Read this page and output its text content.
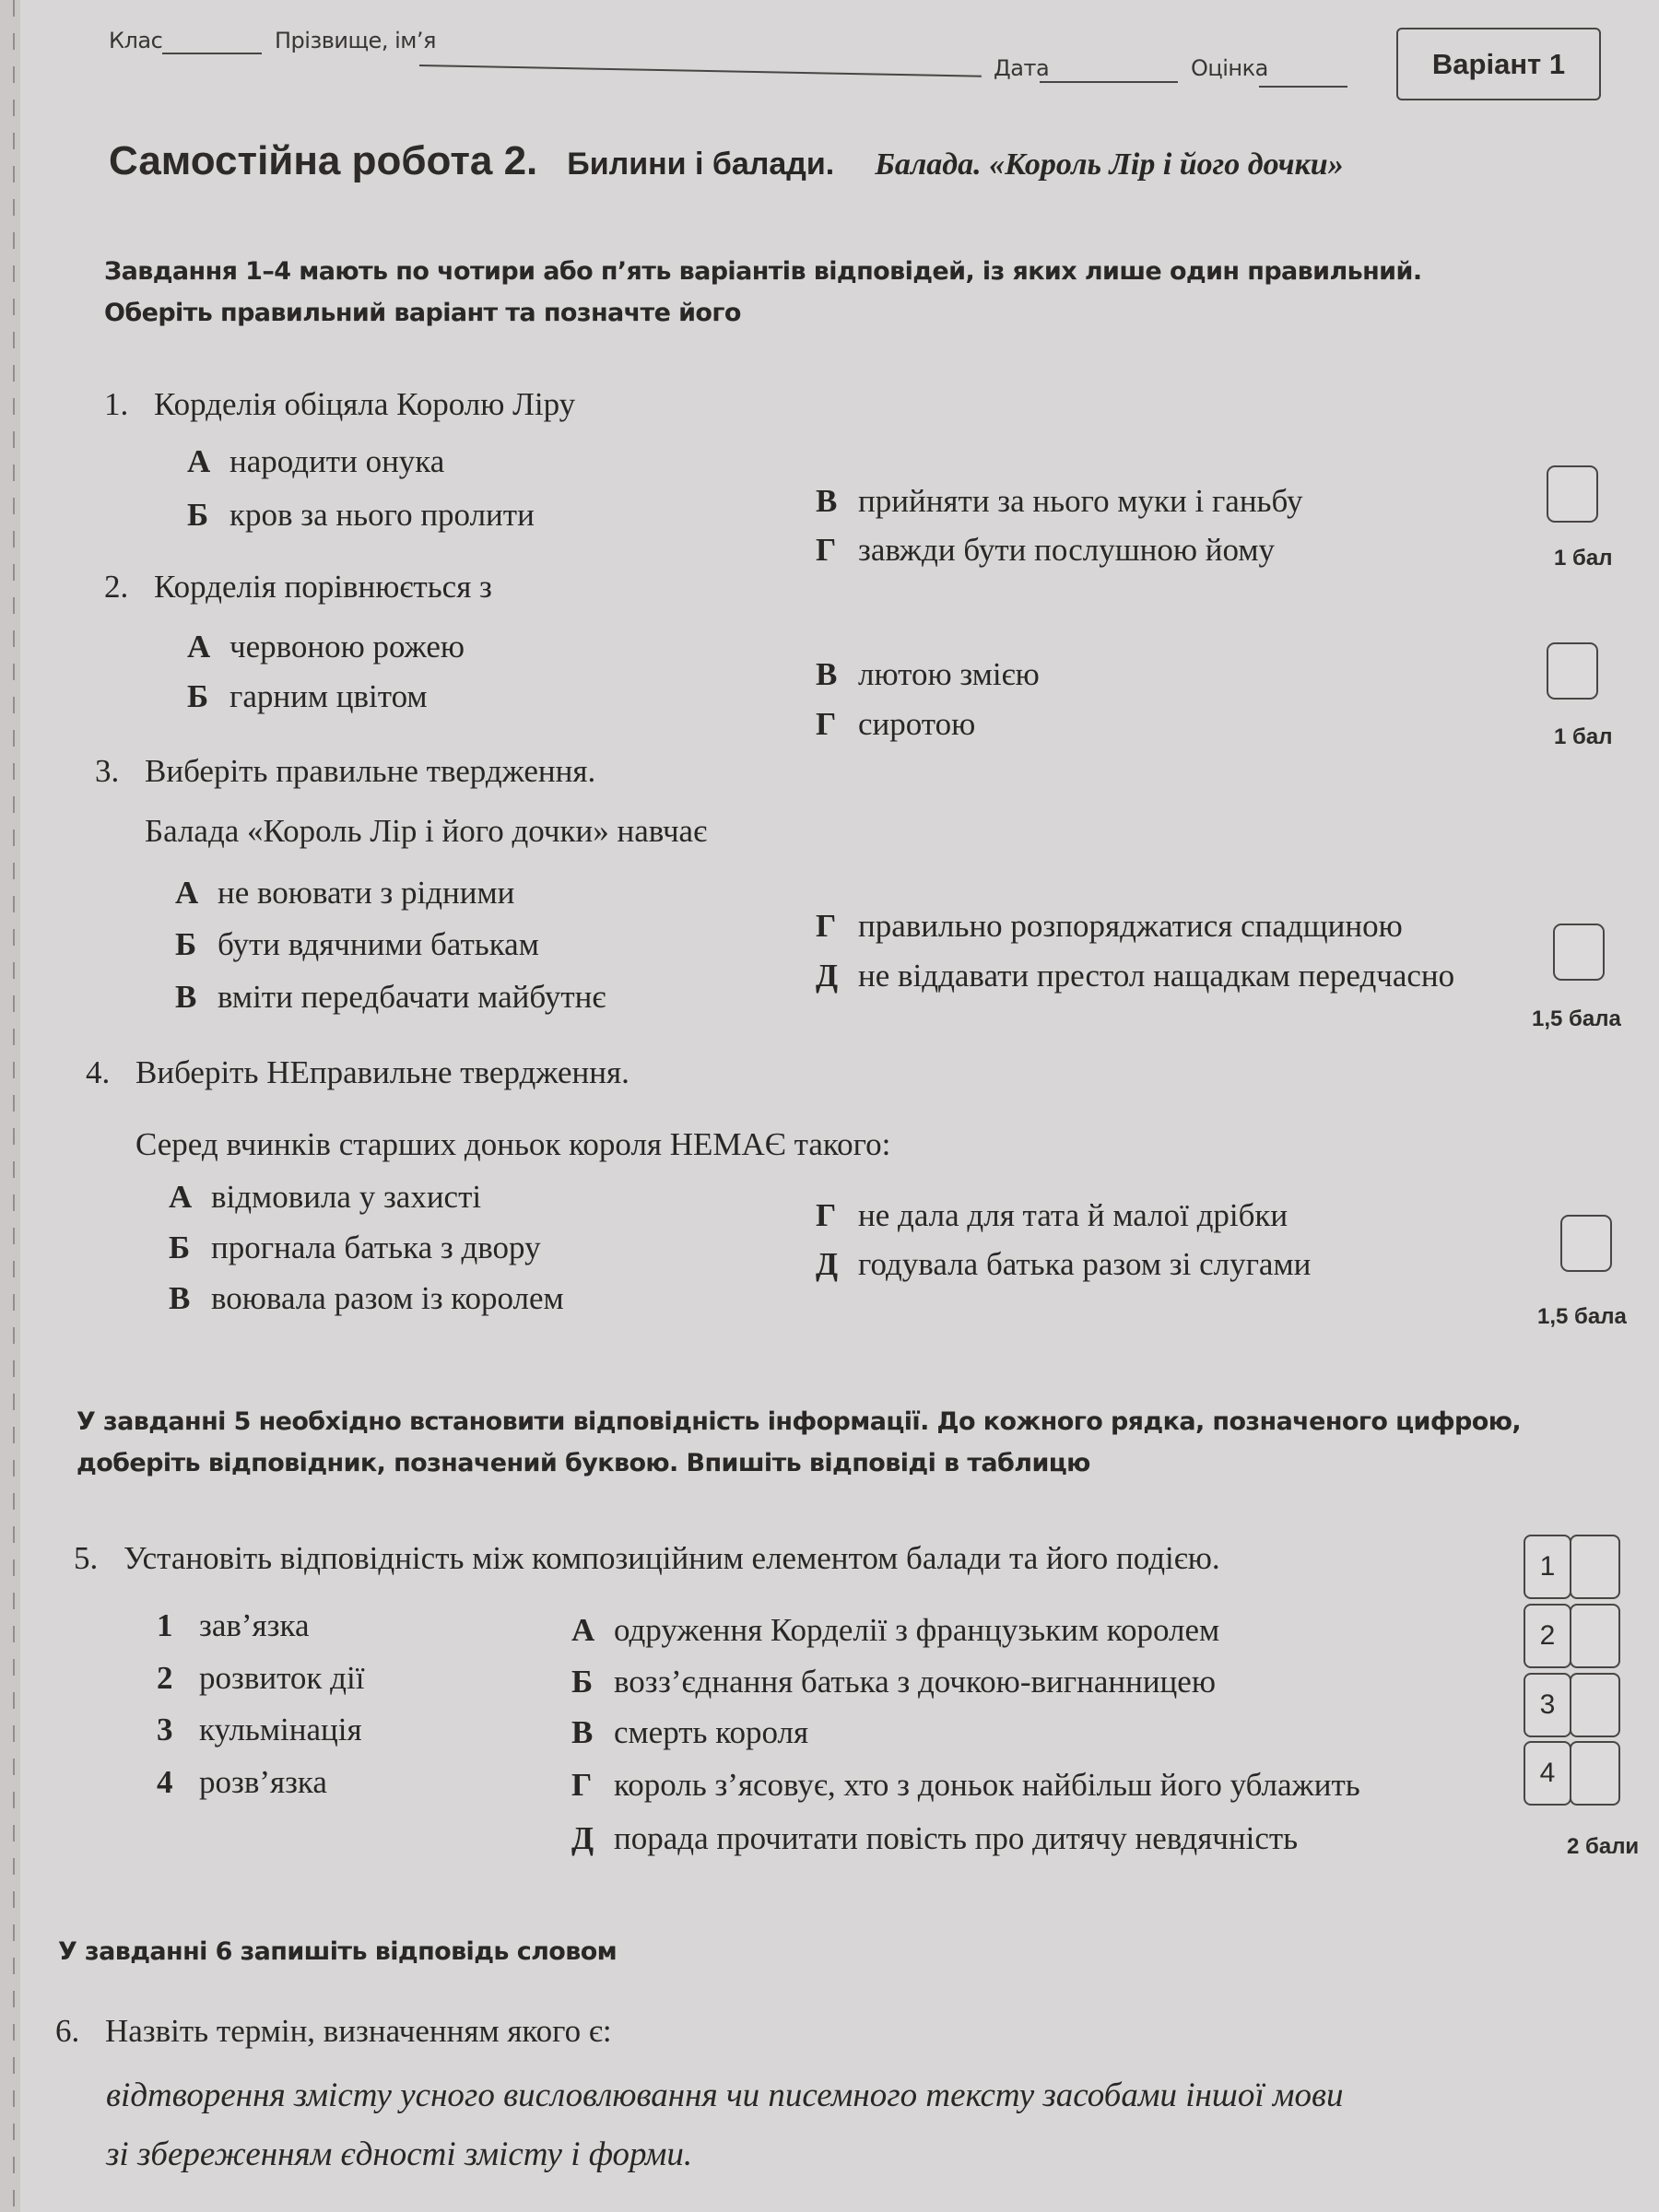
Клас	Прізвище, ім’я
Дата	Оцінка	Варіант 1
Самостійна робота 2. Билини і балади. Балада. «Король Лір і його дочки»
Завдання 1–4 мають по чотири або п’ять варіантів відповідей, із яких лише один правильний.
Оберіть правильний варіант та позначте його
1. Корделія обіцяла Королю Ліру
А народити онука
Б кров за нього пролити	В прийняти за нього муки і ганьбу
Г завжди бути послушною йому	1 бал
2. Корделія порівнюється з
А червоною рожею
Б гарним цвітом
В лютою змією
Г сиротою	1 бал
3. Виберіть правильне твердження.
Балада «Король Лір і його дочки» навчає
А не воювати з рідними
Б бути вдячними батькам
В вміти передбачати майбутнє
Г правильно розпоряджатися спадщиною
Д не віддавати престол нащадкам передчасно
1,5 бала
4. Виберіть НЕправильне твердження.
Серед вчинків старших доньок короля НЕМАЄ такого:
А відмовила у захисті
Б прогнала батька з двору
В воювала разом із королем
Г не дала для тата й малої дрібки
Д годувала батька разом зі слугами
1,5 бала
У завданні 5 необхідно встановити відповідність інформації. До кожного рядка, позначеного цифрою,
доберіть відповідник, позначений буквою. Впишіть відповіді в таблицю
5. Установіть відповідність між композиційним елементом балади та його подією.
1 зав’язка
2 розвиток дії
3 кульмінація
4 розв’язка
А одруження Корделії з французьким королем
Б возз’єднання батька з дочкою-вигнанницею
В смерть короля
Г король з’ясовує, хто з доньок найбільш його ублажить
Д порада прочитати повість про дитячу невдячність
1
2
3
4
2 бали
У завданні 6 запишіть відповідь словом
6. Назвіть термін, визначенням якого є:
відтворення змісту усного висловлювання чи писемного тексту засобами іншої мови
зі збереженням єдності змісту і форми.
